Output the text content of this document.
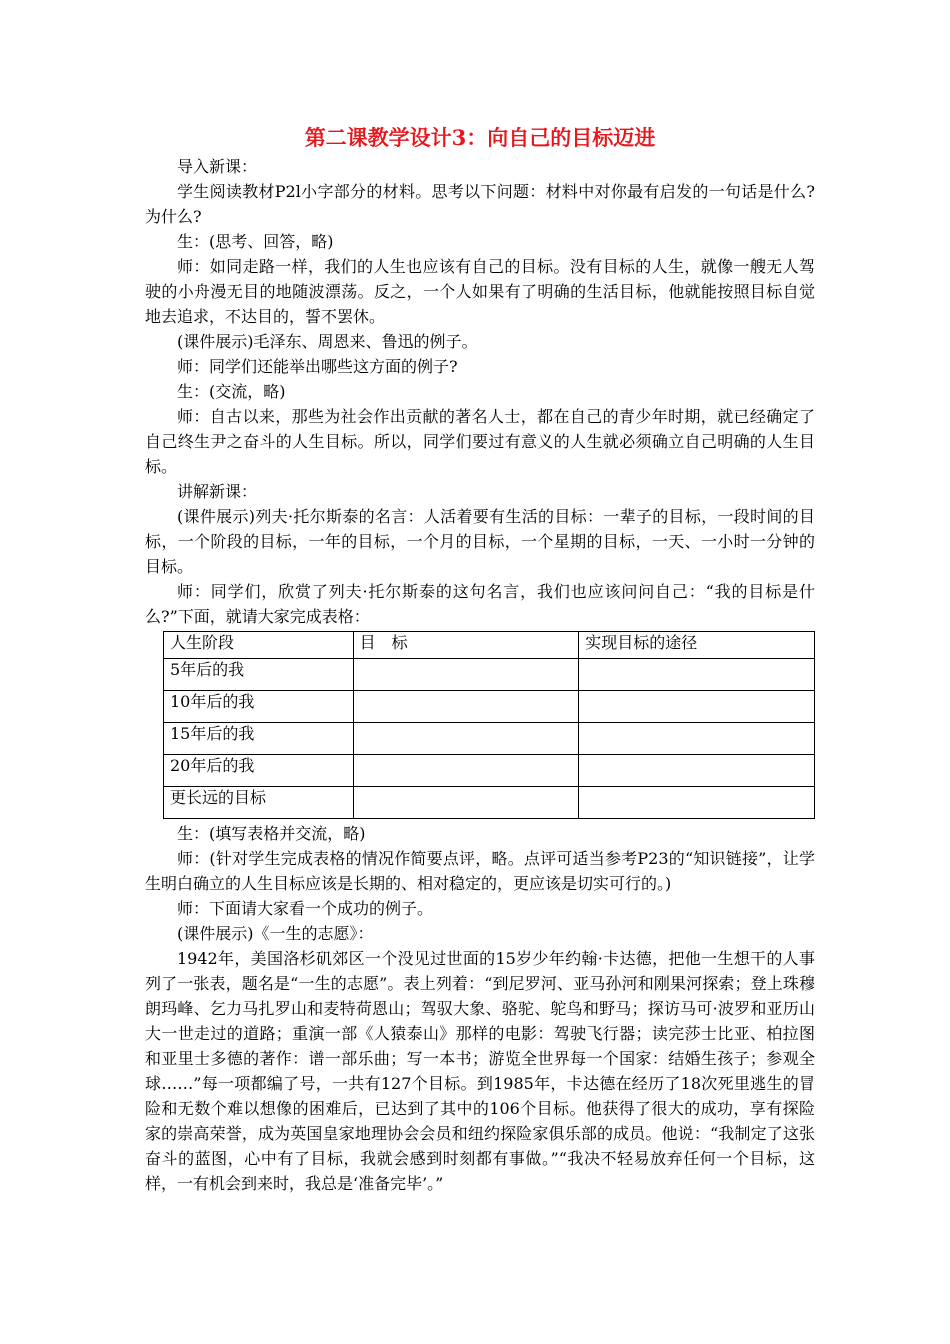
第二课教学设计3：向自己的目标迈进

导入新课：

学生阅读教材P2l小字部分的材料。思考以下问题：材料中对你最有启发的一句话是什么?为什么?

生：(思考、回答，略)

师：如同走路一样，我们的人生也应该有自己的目标。没有目标的人生，就像一艘无人驾驶的小舟漫无目的地随波漂荡。反之，一个人如果有了明确的生活目标，他就能按照目标自觉地去追求，不达目的，誓不罢休。

(课件展示)毛泽东、周恩来、鲁迅的例子。

师：同学们还能举出哪些这方面的例子?

生：(交流，略)

师：自古以来，那些为社会作出贡献的著名人士，都在自己的青少年时期，就已经确定了自己终生尹之奋斗的人生目标。所以，同学们要过有意义的人生就必须确立自己明确的人生目标。

讲解新课：

(课件展示)列夫·托尔斯泰的名言：人活着要有生活的目标：一辈子的目标，一段时间的目标，一个阶段的目标，一年的目标，一个月的目标，一个星期的目标，一天、一小时一分钟的目标。

师：同学们，欣赏了列夫·托尔斯泰的这句名言，我们也应该问问自己：“我的目标是什么?”下面，就请大家完成表格：

人生阶段	目　标	实现目标的途径
5年后的我		
10年后的我		
15年后的我		
20年后的我		
更长远的目标		

生：(填写表格并交流，略)

师：(针对学生完成表格的情况作简要点评，略。点评可适当参考P23的“知识链接”，让学生明白确立的人生目标应该是长期的、相对稳定的，更应该是切实可行的。)

师：下面请大家看一个成功的例子。

(课件展示)《一生的志愿》：

1942年，美国洛杉矶郊区一个没见过世面的15岁少年约翰·卡达德，把他一生想干的人事列了一张表，题名是“一生的志愿”。表上列着：“到尼罗河、亚马孙河和刚果河探索；登上珠穆朗玛峰、乞力马扎罗山和麦特荷恩山；驾驭大象、骆驼、鸵鸟和野马；探访马可·波罗和亚历山大一世走过的道路；重演一部《人猿泰山》那样的电影：驾驶飞行器；读完莎士比亚、柏拉图和亚里士多德的著作：谱一部乐曲；写一本书；游览全世界每一个国家：结婚生孩子；参观全球……”每一项都编了号，一共有127个目标。到1985年，卡达德在经历了18次死里逃生的冒险和无数个难以想像的困难后，已达到了其中的106个目标。他获得了很大的成功，享有探险家的崇高荣誉，成为英国皇家地理协会会员和纽约探险家俱乐部的成员。他说：“我制定了这张奋斗的蓝图，心中有了目标，我就会感到时刻都有事做。”“我决不轻易放弃任何一个目标，这样，一有机会到来时，我总是‘准备完毕’。”
